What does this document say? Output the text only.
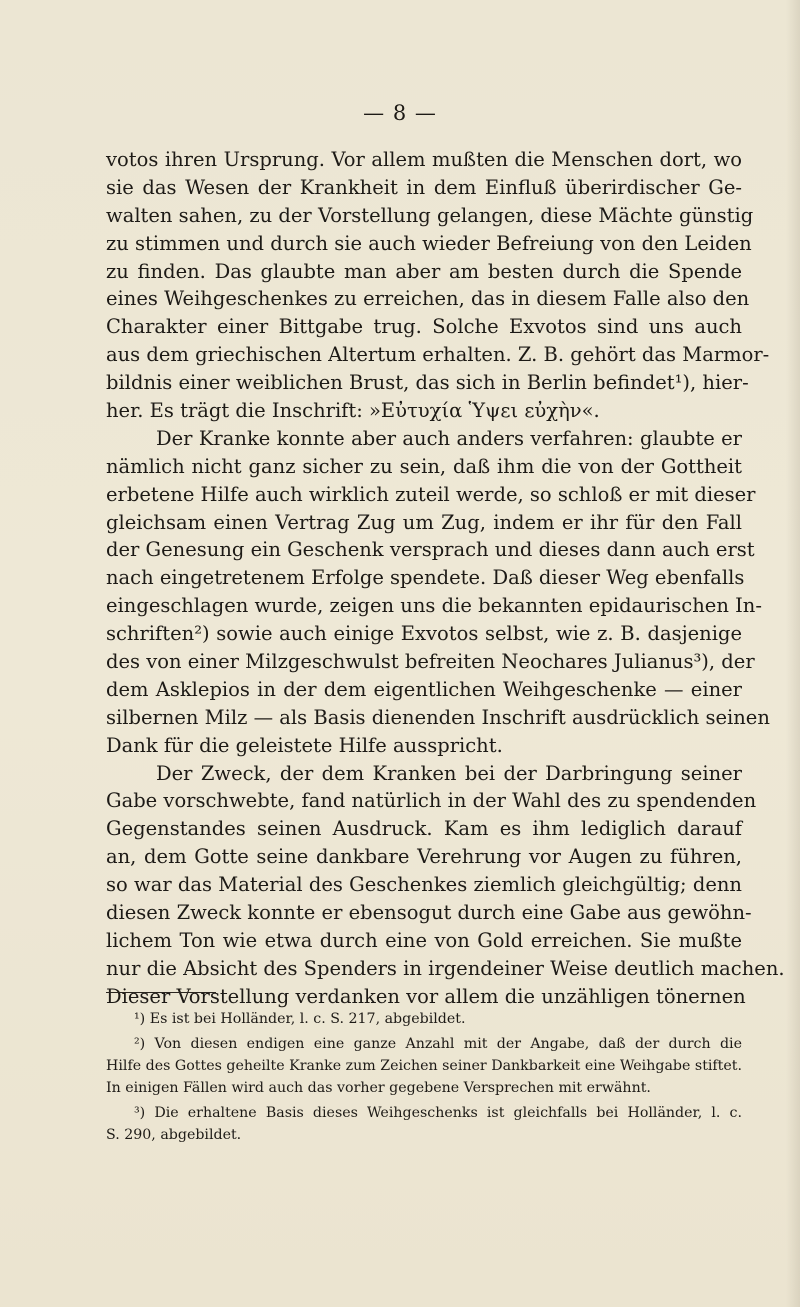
— 8 —
votos ihren Ursprung. Vor allem mußten die Menschen dort, wo
sie das Wesen der Krankheit in dem Einfluß überirdischer Ge-
walten sahen, zu der Vorstellung gelangen, diese Mächte günstig
zu stimmen und durch sie auch wieder Befreiung von den Leiden
zu finden. Das glaubte man aber am besten durch die Spende
eines Weihgeschenkes zu erreichen, das in diesem Falle also den
Charakter einer Bittgabe trug. Solche Exvotos sind uns auch
aus dem griechischen Altertum erhalten. Z. B. gehört das Marmor-
bildnis einer weiblichen Brust, das sich in Berlin befindet¹), hier-
her. Es trägt die Inschrift: »Εὐτυχία Ὑψει εὐχὴν«.
Der Kranke konnte aber auch anders verfahren: glaubte er
nämlich nicht ganz sicher zu sein, daß ihm die von der Gottheit
erbetene Hilfe auch wirklich zuteil werde, so schloß er mit dieser
gleichsam einen Vertrag Zug um Zug, indem er ihr für den Fall
der Genesung ein Geschenk versprach und dieses dann auch erst
nach eingetretenem Erfolge spendete. Daß dieser Weg ebenfalls
eingeschlagen wurde, zeigen uns die bekannten epidaurischen In-
schriften²) sowie auch einige Exvotos selbst, wie z. B. dasjenige
des von einer Milzgeschwulst befreiten Neochares Julianus³), der
dem Asklepios in der dem eigentlichen Weihgeschenke — einer
silbernen Milz — als Basis dienenden Inschrift ausdrücklich seinen
Dank für die geleistete Hilfe ausspricht.
Der Zweck, der dem Kranken bei der Darbringung seiner
Gabe vorschwebte, fand natürlich in der Wahl des zu spendenden
Gegenstandes seinen Ausdruck. Kam es ihm lediglich darauf
an, dem Gotte seine dankbare Verehrung vor Augen zu führen,
so war das Material des Geschenkes ziemlich gleichgültig; denn
diesen Zweck konnte er ebensogut durch eine Gabe aus gewöhn-
lichem Ton wie etwa durch eine von Gold erreichen. Sie mußte
nur die Absicht des Spenders in irgendeiner Weise deutlich machen.
Dieser Vorstellung verdanken vor allem die unzähligen tönernen
¹) Es ist bei Holländer, l. c. S. 217, abgebildet.
²) Von diesen endigen eine ganze Anzahl mit der Angabe, daß der durch die
Hilfe des Gottes geheilte Kranke zum Zeichen seiner Dankbarkeit eine Weihgabe stiftet.
In einigen Fällen wird auch das vorher gegebene Versprechen mit erwähnt.
³) Die erhaltene Basis dieses Weihgeschenks ist gleichfalls bei Holländer, l. c.
S. 290, abgebildet.
